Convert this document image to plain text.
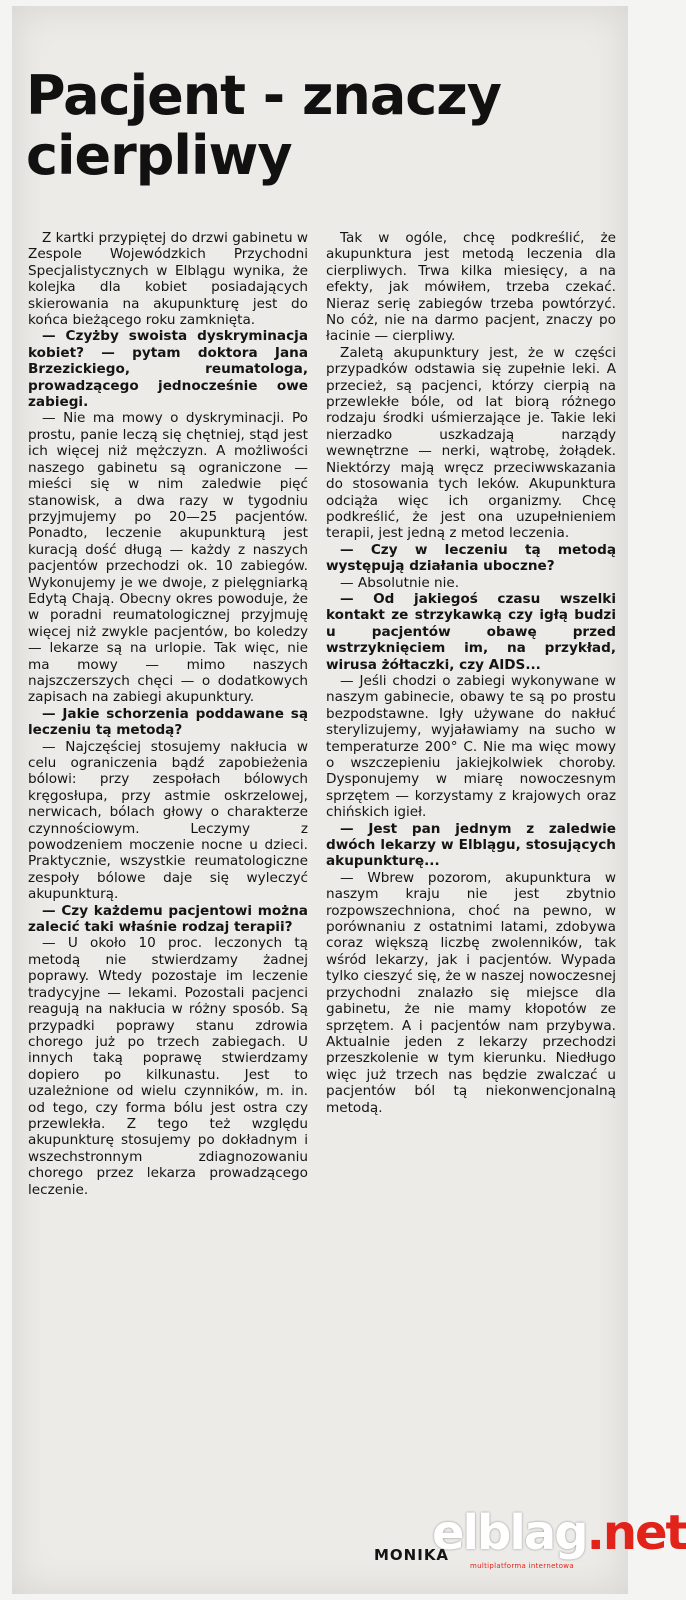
Pacjent - znaczy cierpliwy

Z kartki przypiętej do drzwi gabinetu w Zespole Wojewódzkich Przychodni Specjalistycznych w Elblągu wynika, że kolejka dla kobiet posiadających skierowania na akupunkturę jest do końca bieżącego roku zamknięta.

— Czyżby swoista dyskryminacja kobiet? — pytam doktora Jana Brzezickiego, reumatologa, prowadzącego jednocześnie owe zabiegi.

— Nie ma mowy o dyskryminacji. Po prostu, panie leczą się chętniej, stąd jest ich więcej niż mężczyzn. A możliwości naszego gabinetu są ograniczone — mieści się w nim zaledwie pięć stanowisk, a dwa razy w tygodniu przyjmujemy po 20—25 pacjentów. Ponadto, leczenie akupunkturą jest kuracją dość długą — każdy z naszych pacjentów przechodzi ok. 10 zabiegów. Wykonujemy je we dwoje, z pielęgniarką Edytą Chają. Obecny okres powoduje, że w poradni reumatologicznej przyjmuję więcej niż zwykle pacjentów, bo koledzy — lekarze są na urlopie. Tak więc, nie ma mowy — mimo naszych najszczerszych chęci — o dodatkowych zapisach na zabiegi akupunktury.

— Jakie schorzenia poddawane są leczeniu tą metodą?

— Najczęściej stosujemy nakłucia w celu ograniczenia bądź zapobieżenia bólowi: przy zespołach bólowych kręgosłupa, przy astmie oskrzelowej, nerwicach, bólach głowy o charakterze czynnościowym. Leczymy z powodzeniem moczenie nocne u dzieci. Praktycznie, wszystkie reumatologiczne zespoły bólowe daje się wyleczyć akupunkturą.

— Czy każdemu pacjentowi można zalecić taki właśnie rodzaj terapii?

— U około 10 proc. leczonych tą metodą nie stwierdzamy żadnej poprawy. Wtedy pozostaje im leczenie tradycyjne — lekami. Pozostali pacjenci reagują na nakłucia w różny sposób. Są przypadki poprawy stanu zdrowia chorego już po trzech zabiegach. U innych taką poprawę stwierdzamy dopiero po kilkunastu. Jest to uzależnione od wielu czynników, m. in. od tego, czy forma bólu jest ostra czy przewlekła. Z tego też względu akupunkturę stosujemy po dokładnym i wszechstronnym zdiagnozowaniu chorego przez lekarza prowadzącego leczenie.

Tak w ogóle, chcę podkreślić, że akupunktura jest metodą leczenia dla cierpliwych. Trwa kilka miesięcy, a na efekty, jak mówiłem, trzeba czekać. Nieraz serię zabiegów trzeba powtórzyć. No cóż, nie na darmo pacjent, znaczy po łacinie — cierpliwy.

Zaletą akupunktury jest, że w części przypadków odstawia się zupełnie leki. A przecież, są pacjenci, którzy cierpią na przewlekłe bóle, od lat biorą różnego rodzaju środki uśmierzające je. Takie leki nierzadko uszkadzają narządy wewnętrzne — nerki, wątrobę, żołądek. Niektórzy mają wręcz przeciwwskazania do stosowania tych leków. Akupunktura odciąża więc ich organizmy. Chcę podkreślić, że jest ona uzupełnieniem terapii, jest jedną z metod leczenia.

— Czy w leczeniu tą metodą występują działania uboczne?

— Absolutnie nie.

— Od jakiegoś czasu wszelki kontakt ze strzykawką czy igłą budzi u pacjentów obawę przed wstrzyknięciem im, na przykład, wirusa żółtaczki, czy AIDS...

— Jeśli chodzi o zabiegi wykonywane w naszym gabinecie, obawy te są po prostu bezpodstawne. Igły używane do nakłuć sterylizujemy, wyjaławiamy na sucho w temperaturze 200° C. Nie ma więc mowy o wszczepieniu jakiejkolwiek choroby. Dysponujemy w miarę nowoczesnym sprzętem — korzystamy z krajowych oraz chińskich igieł.

— Jest pan jednym z zaledwie dwóch lekarzy w Elblągu, stosujących akupunkturę...

— Wbrew pozorom, akupunktura w naszym kraju nie jest zbytnio rozpowszechniona, choć na pewno, w porównaniu z ostatnimi latami, zdobywa coraz większą liczbę zwolenników, tak wśród lekarzy, jak i pacjentów. Wypada tylko cieszyć się, że w naszej nowoczesnej przychodni znalazło się miejsce dla gabinetu, że nie mamy kłopotów ze sprzętem. A i pacjentów nam przybywa. Aktualnie jeden z lekarzy przechodzi przeszkolenie w tym kierunku. Niedługo więc już trzech nas będzie zwalczać u pacjentów ból tą niekonwencjonalną metodą.

MONIKA
elblag.net
multiplatforma internetowa
